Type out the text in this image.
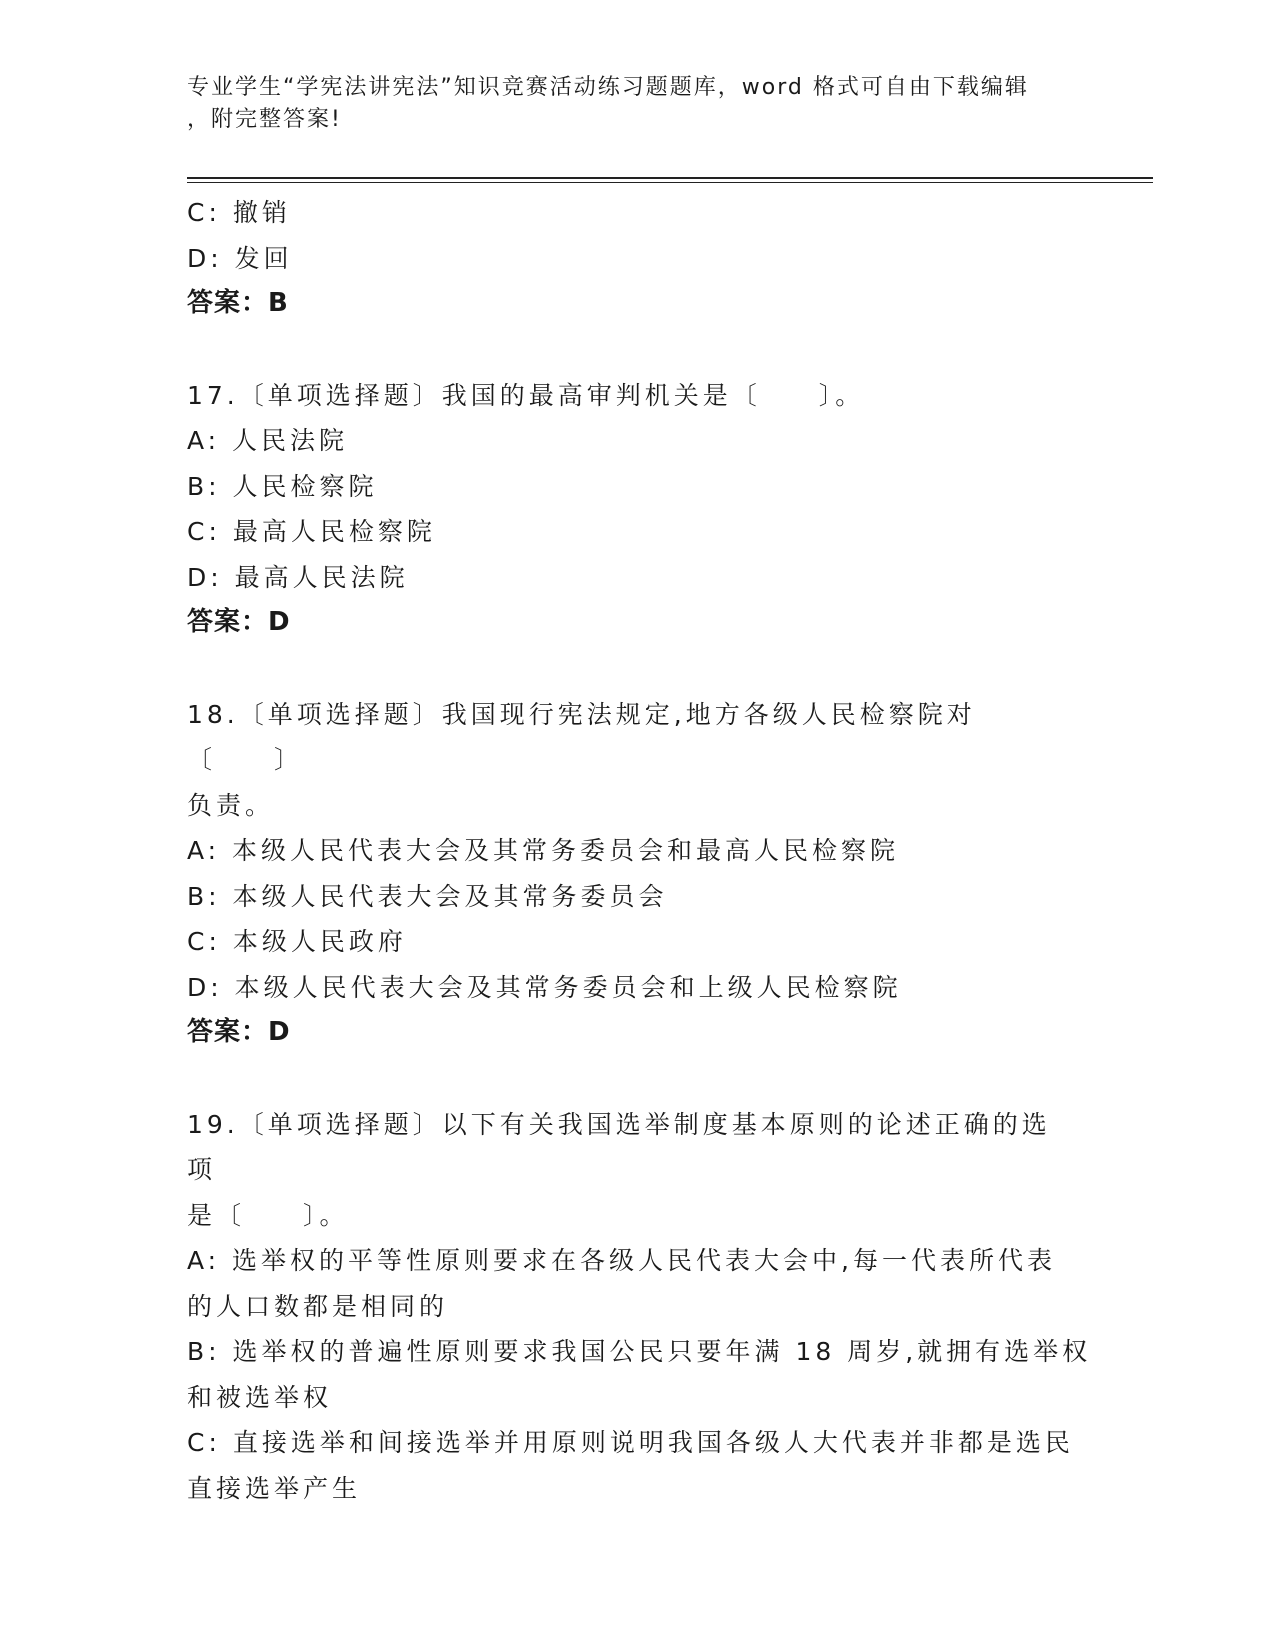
专业学生“学宪法讲宪法”知识竞赛活动练习题题库，word 格式可自由下载编辑
，附完整答案!
C: 撤销
D: 发回
答案：B
17.〔单项选择题〕我国的最高审判机关是〔　　〕。
A: 人民法院
B: 人民检察院
C: 最高人民检察院
D: 最高人民法院
答案：D
18.〔单项选择题〕我国现行宪法规定,地方各级人民检察院对〔　　〕
负责。
A: 本级人民代表大会及其常务委员会和最高人民检察院
B: 本级人民代表大会及其常务委员会
C: 本级人民政府
D: 本级人民代表大会及其常务委员会和上级人民检察院
答案：D
19.〔单项选择题〕以下有关我国选举制度基本原则的论述正确的选项
是〔　　〕。
A: 选举权的平等性原则要求在各级人民代表大会中,每一代表所代表
的人口数都是相同的
B: 选举权的普遍性原则要求我国公民只要年满 18 周岁,就拥有选举权
和被选举权
C: 直接选举和间接选举并用原则说明我国各级人大代表并非都是选民
直接选举产生
